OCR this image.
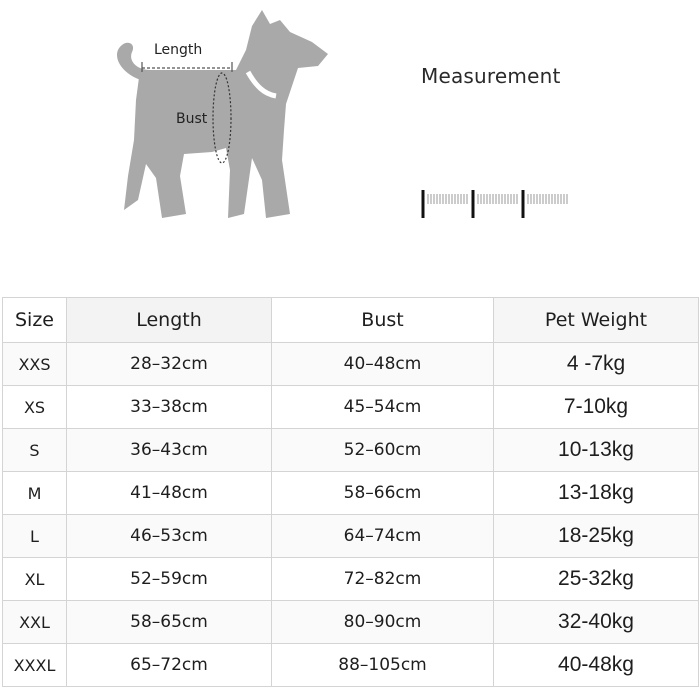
Length
Bust
Measurement
Size	Length	Bust	Pet Weight
XXS	28–32cm	40–48cm	4 -7kg
XS	33–38cm	45–54cm	7-10kg
S	36–43cm	52–60cm	10-13kg
M	41–48cm	58–66cm	13-18kg
L	46–53cm	64–74cm	18-25kg
XL	52–59cm	72–82cm	25-32kg
XXL	58–65cm	80–90cm	32-40kg
XXXL	65–72cm	88–105cm	40-48kg
